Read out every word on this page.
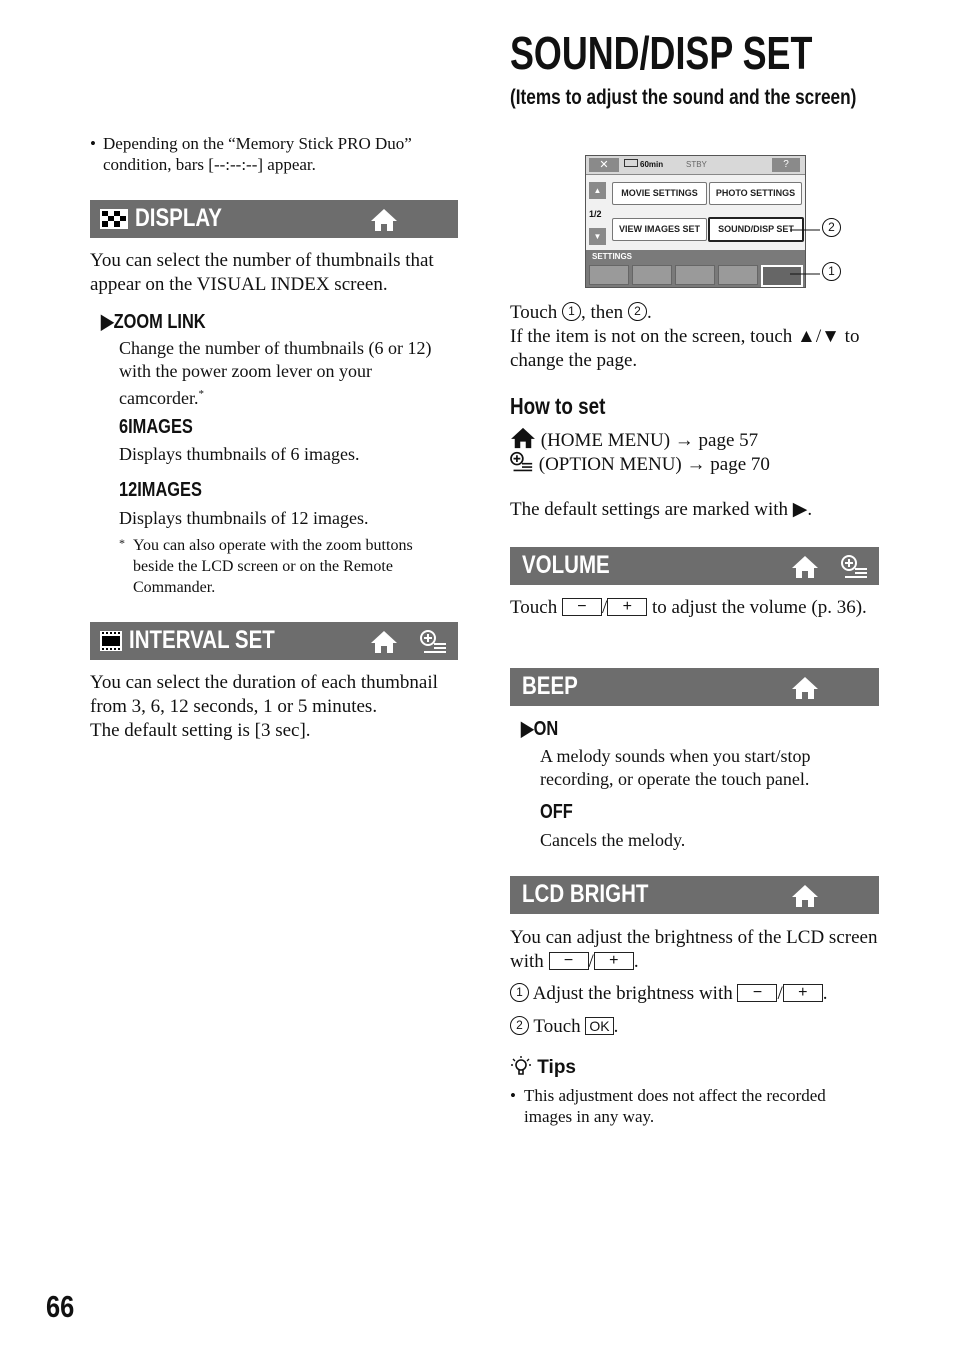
• Depending on the “Memory Stick PRO Duo” condition, bars [--:--:--] appear.
DISPLAY
You can select the number of thumbnails that appear on the VISUAL INDEX screen.
▶ZOOM LINK
Change the number of thumbnails (6 or 12) with the power zoom lever on your camcorder.*
6IMAGES
Displays thumbnails of 6 images.
12IMAGES
Displays thumbnails of 12 images.
* You can also operate with the zoom buttons beside the LCD screen or on the Remote Commander.
INTERVAL SET
You can select the duration of each thumbnail from 3, 6, 12 seconds, 1 or 5 minutes.
The default setting is [3 sec].
SOUND/DISP SET
(Items to adjust the sound and the screen)
✕	60min	STBY	?
▲
1/2
▼
MOVIE SETTINGS	PHOTO SETTINGS
VIEW IMAGES SET	SOUND/DISP SET
SETTINGS
2
1
Touch 1 , then 2 .
If the item is not on the screen, touch ▲/▼ to change the page.
How to set
(HOME MENU) → page 57
(OPTION MENU) → page 70
The default settings are marked with ▶.
VOLUME
Touch − / + to adjust the volume (p. 36).
BEEP
▶ON
A melody sounds when you start/stop recording, or operate the touch panel.
OFF
Cancels the melody.
LCD BRIGHT
You can adjust the brightness of the LCD screen with − / + .
1 Adjust the brightness with − / + .
2 Touch OK .
Tips
• This adjustment does not affect the recorded images in any way.
66
